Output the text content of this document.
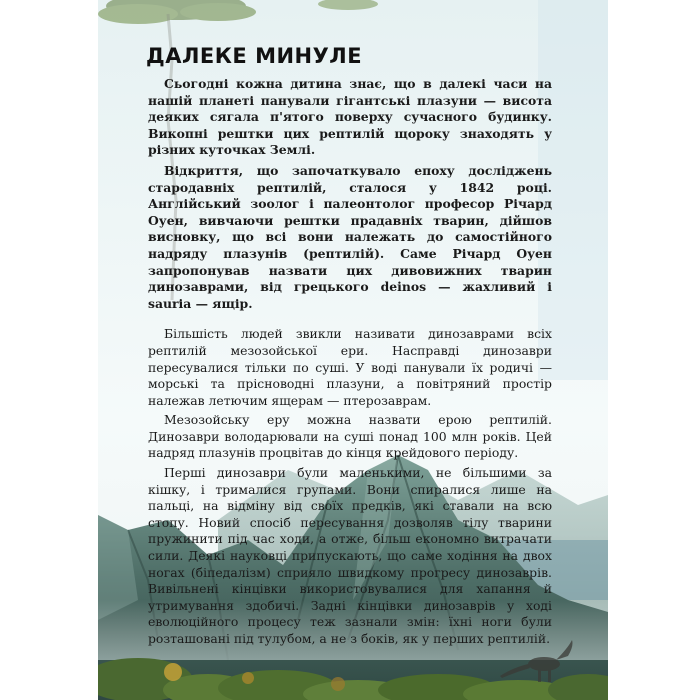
ДАЛЕКЕ МИНУЛЕ

Сьогодні кожна дитина знає, що в далекі часи на нашій планеті панували гігантські плазуни — висота деяких сягала п'ятого поверху сучасного будинку. Викопні рештки цих рептилій щороку знаходять у різних куточках Землі.

Відкриття, що започаткувало епоху досліджень стародавніх рептилій, сталося у 1842 році. Англійський зоолог і палеонтолог професор Річард Оуен, вивчаючи рештки прадавніх тварин, дійшов висновку, що всі вони належать до самостійного надряду плазунів (рептилій). Саме Річард Оуен запропонував назвати цих дивовижних тварин динозаврами, від грецького deinos — жахливий і saurіа — ящір.

Більшість людей звикли називати динозаврами всіх рептилій мезозойської ери. Насправді динозаври пересувалися тільки по суші. У воді панували їх родичі — морські та прісноводні плазуни, а повітряний простір належав летючим ящерам — птерозаврам.

Мезозойську еру можна назвати ерою рептилій. Динозаври володарювали на суші понад 100 млн років. Цей надряд плазунів процвітав до кінця крейдового періоду.

Перші динозаври були маленькими, не більшими за кішку, і трималися групами. Вони спиралися лише на пальці, на відміну від своїх предків, які ставали на всю стопу. Новий спосіб пересування дозволяв тілу тварини пружинити під час ходи, а отже, більш економно витрачати сили. Деякі науковці припускають, що саме ходіння на двох ногах (біпедалізм) сприяло швидкому прогресу динозаврів. Вивільнені кінцівки використовувалися для хапання й утримування здобичі. Задні кінцівки динозаврів у ході еволюційного процесу теж зазнали змін: їхні ноги були розташовані під тулубом, а не з боків, як у перших рептилій.
